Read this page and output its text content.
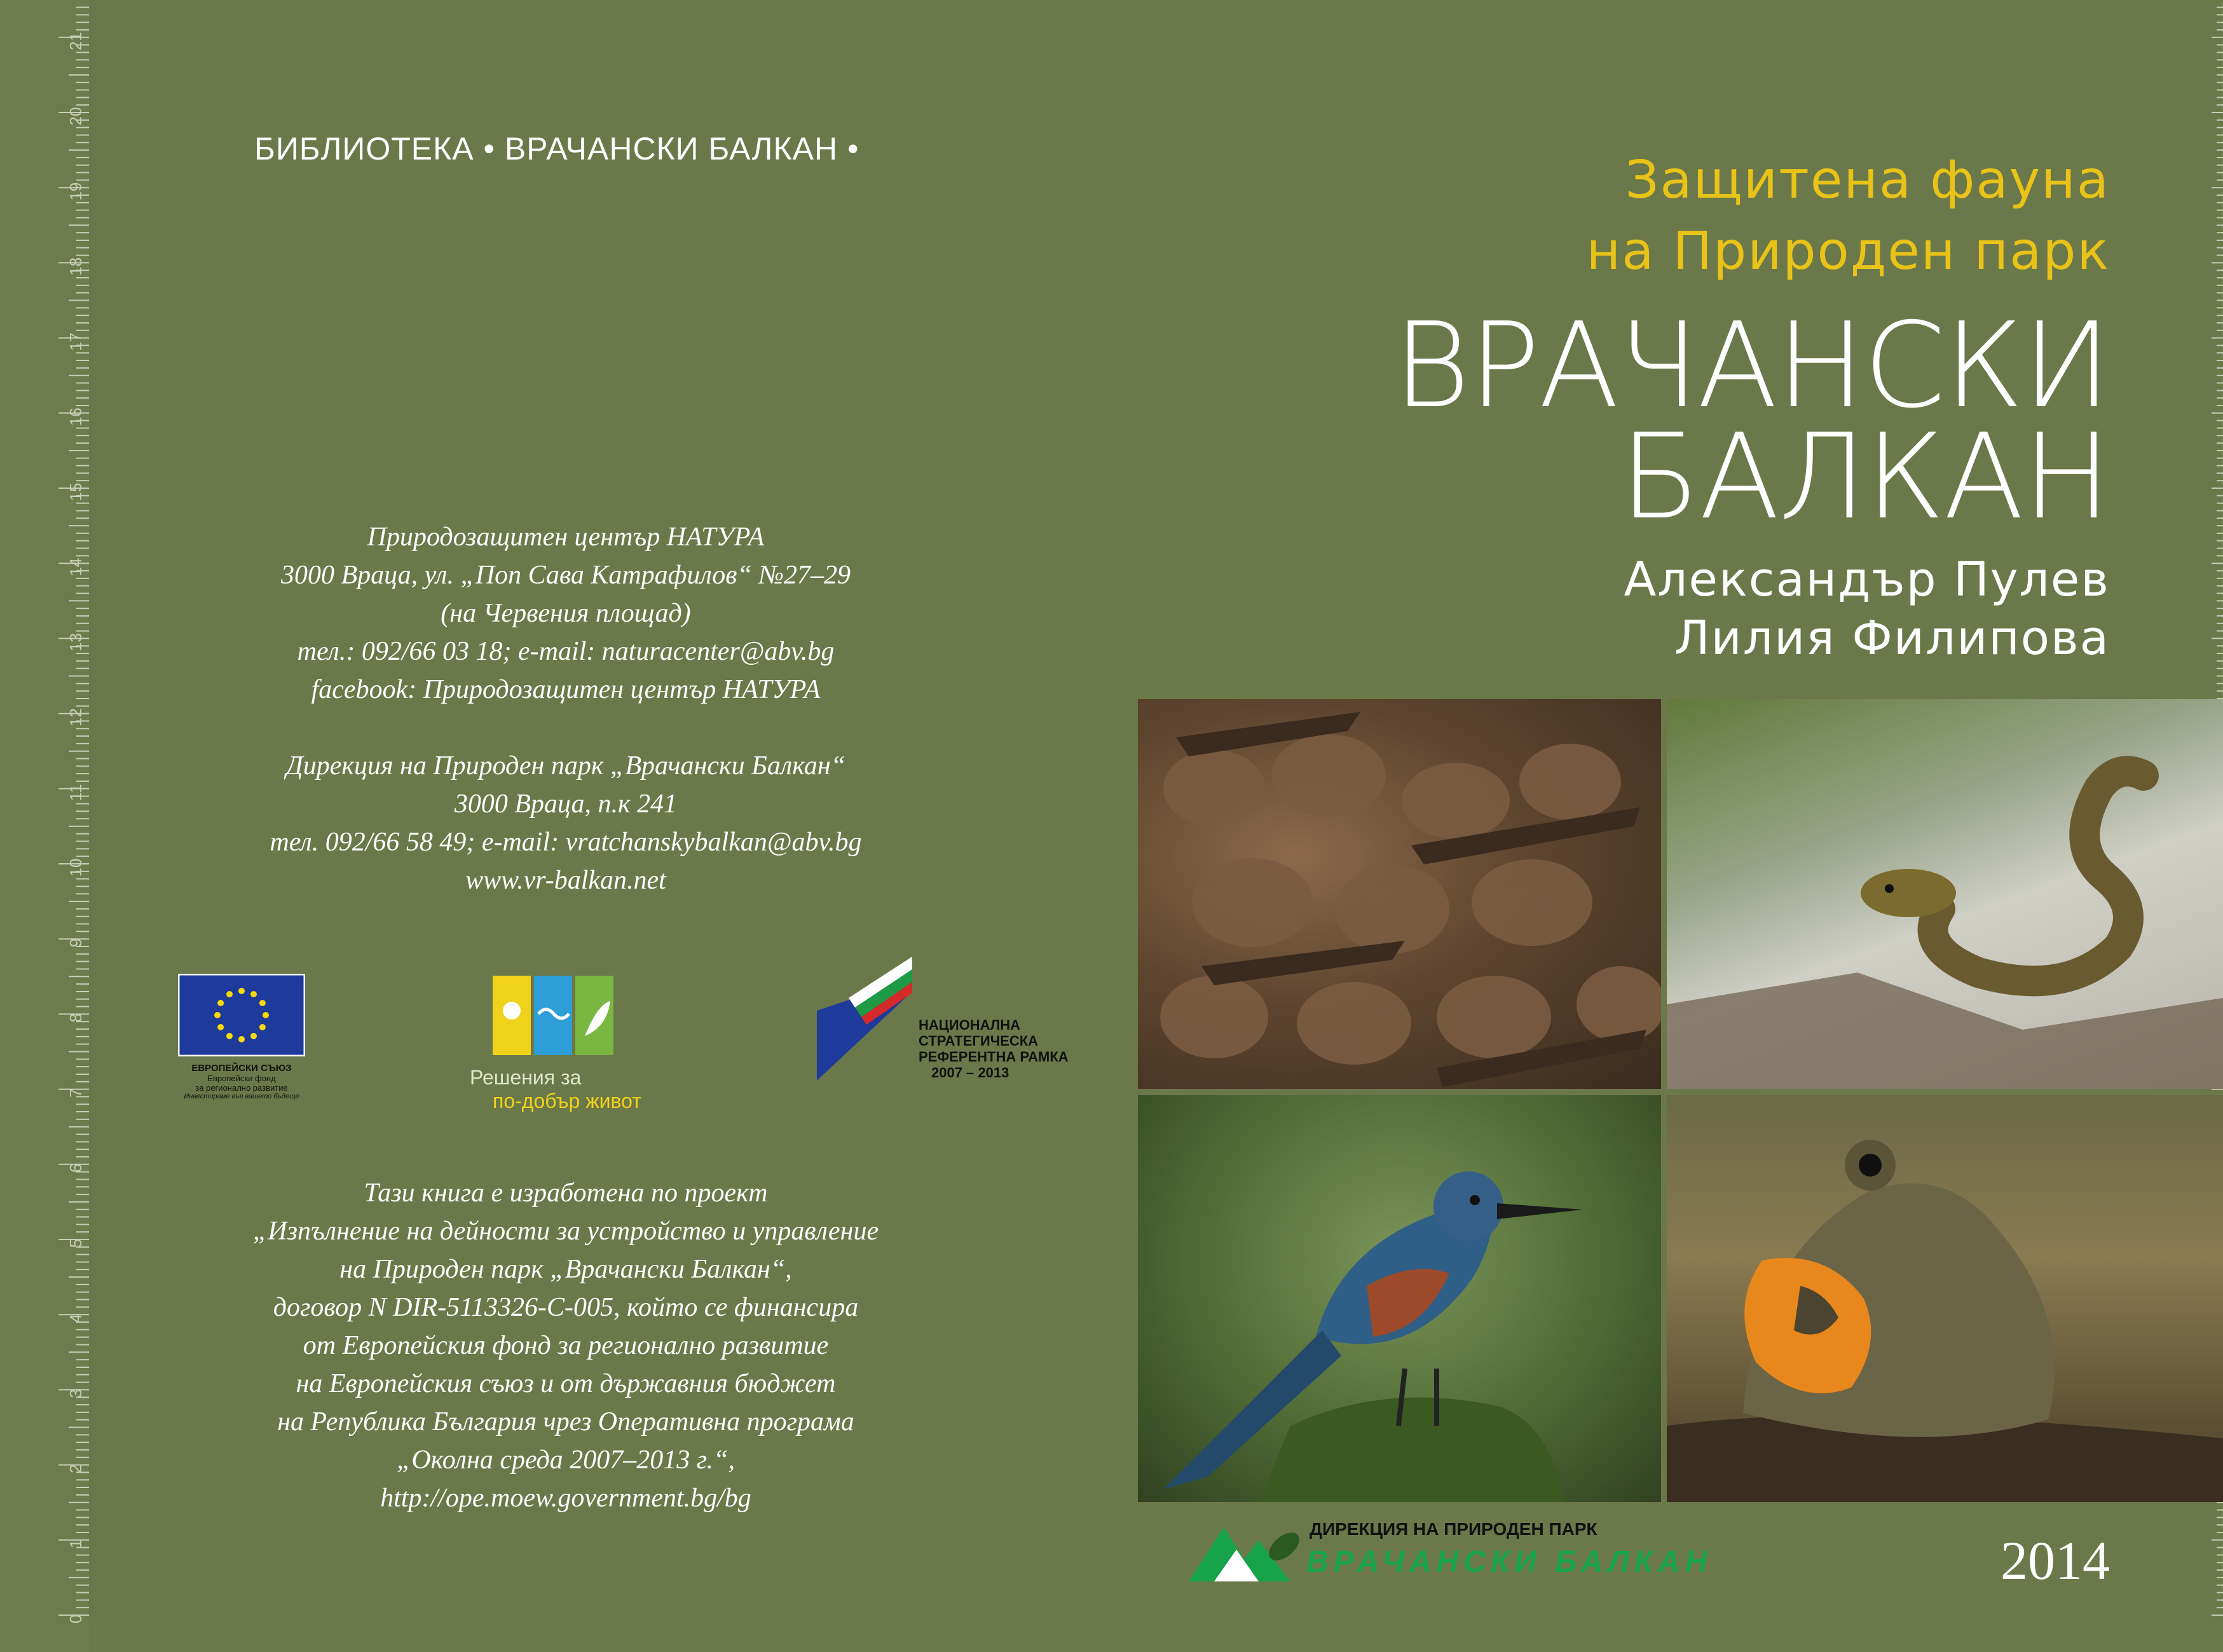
21
20
19
18
17
16
15
14
13
12
11
10
9
8
7
6
5
4
3
2
1
0
БИБЛИОТЕКА • ВРАЧАНСКИ БАЛКАН •
Природозащитен център НАТУРА
3000 Враца, ул. „Поп Сава Катрафилов“ №27–29
(на Червения площад)
тел.: 092/66 03 18; e-mail: naturacenter@abv.bg
facebook: Природозащитен център НАТУРА
Дирекция на Природен парк „Врачански Балкан“
3000 Враца, п.к 241
тел. 092/66 58 49; e-mail: vratchanskybalkan@abv.bg
www.vr-balkan.net
ЕВРОПЕЙСКИ СЪЮЗ
Европейски фонд
за регионално развитие
Инвестираме във вашето бъдеще
Решения за
по-добър живот
НАЦИОНАЛНА
СТРАТЕГИЧЕСКА
РЕФЕРЕНТНА РАМКА
2007 – 2013
Тази книга е изработена по проект
„Изпълнение на дейности за устройство и управление
на Природен парк „Врачански Балкан“,
договор N DIR-5113326-C-005, който се финансира
от Европейския фонд за регионално развитие
на Европейския съюз и от държавния бюджет
на Република България чрез Оперативна програма
„Околна среда 2007–2013 г.“,
http://ope.moew.government.bg/bg
Защитена фауна
на Природен парк
ВРАЧАНСКИ
БАЛКАН
Александър Пулев
Лилия Филипова
ДИРЕКЦИЯ НА ПРИРОДЕН ПАРК
ВРАЧАНСКИ БАЛКАН	2014
